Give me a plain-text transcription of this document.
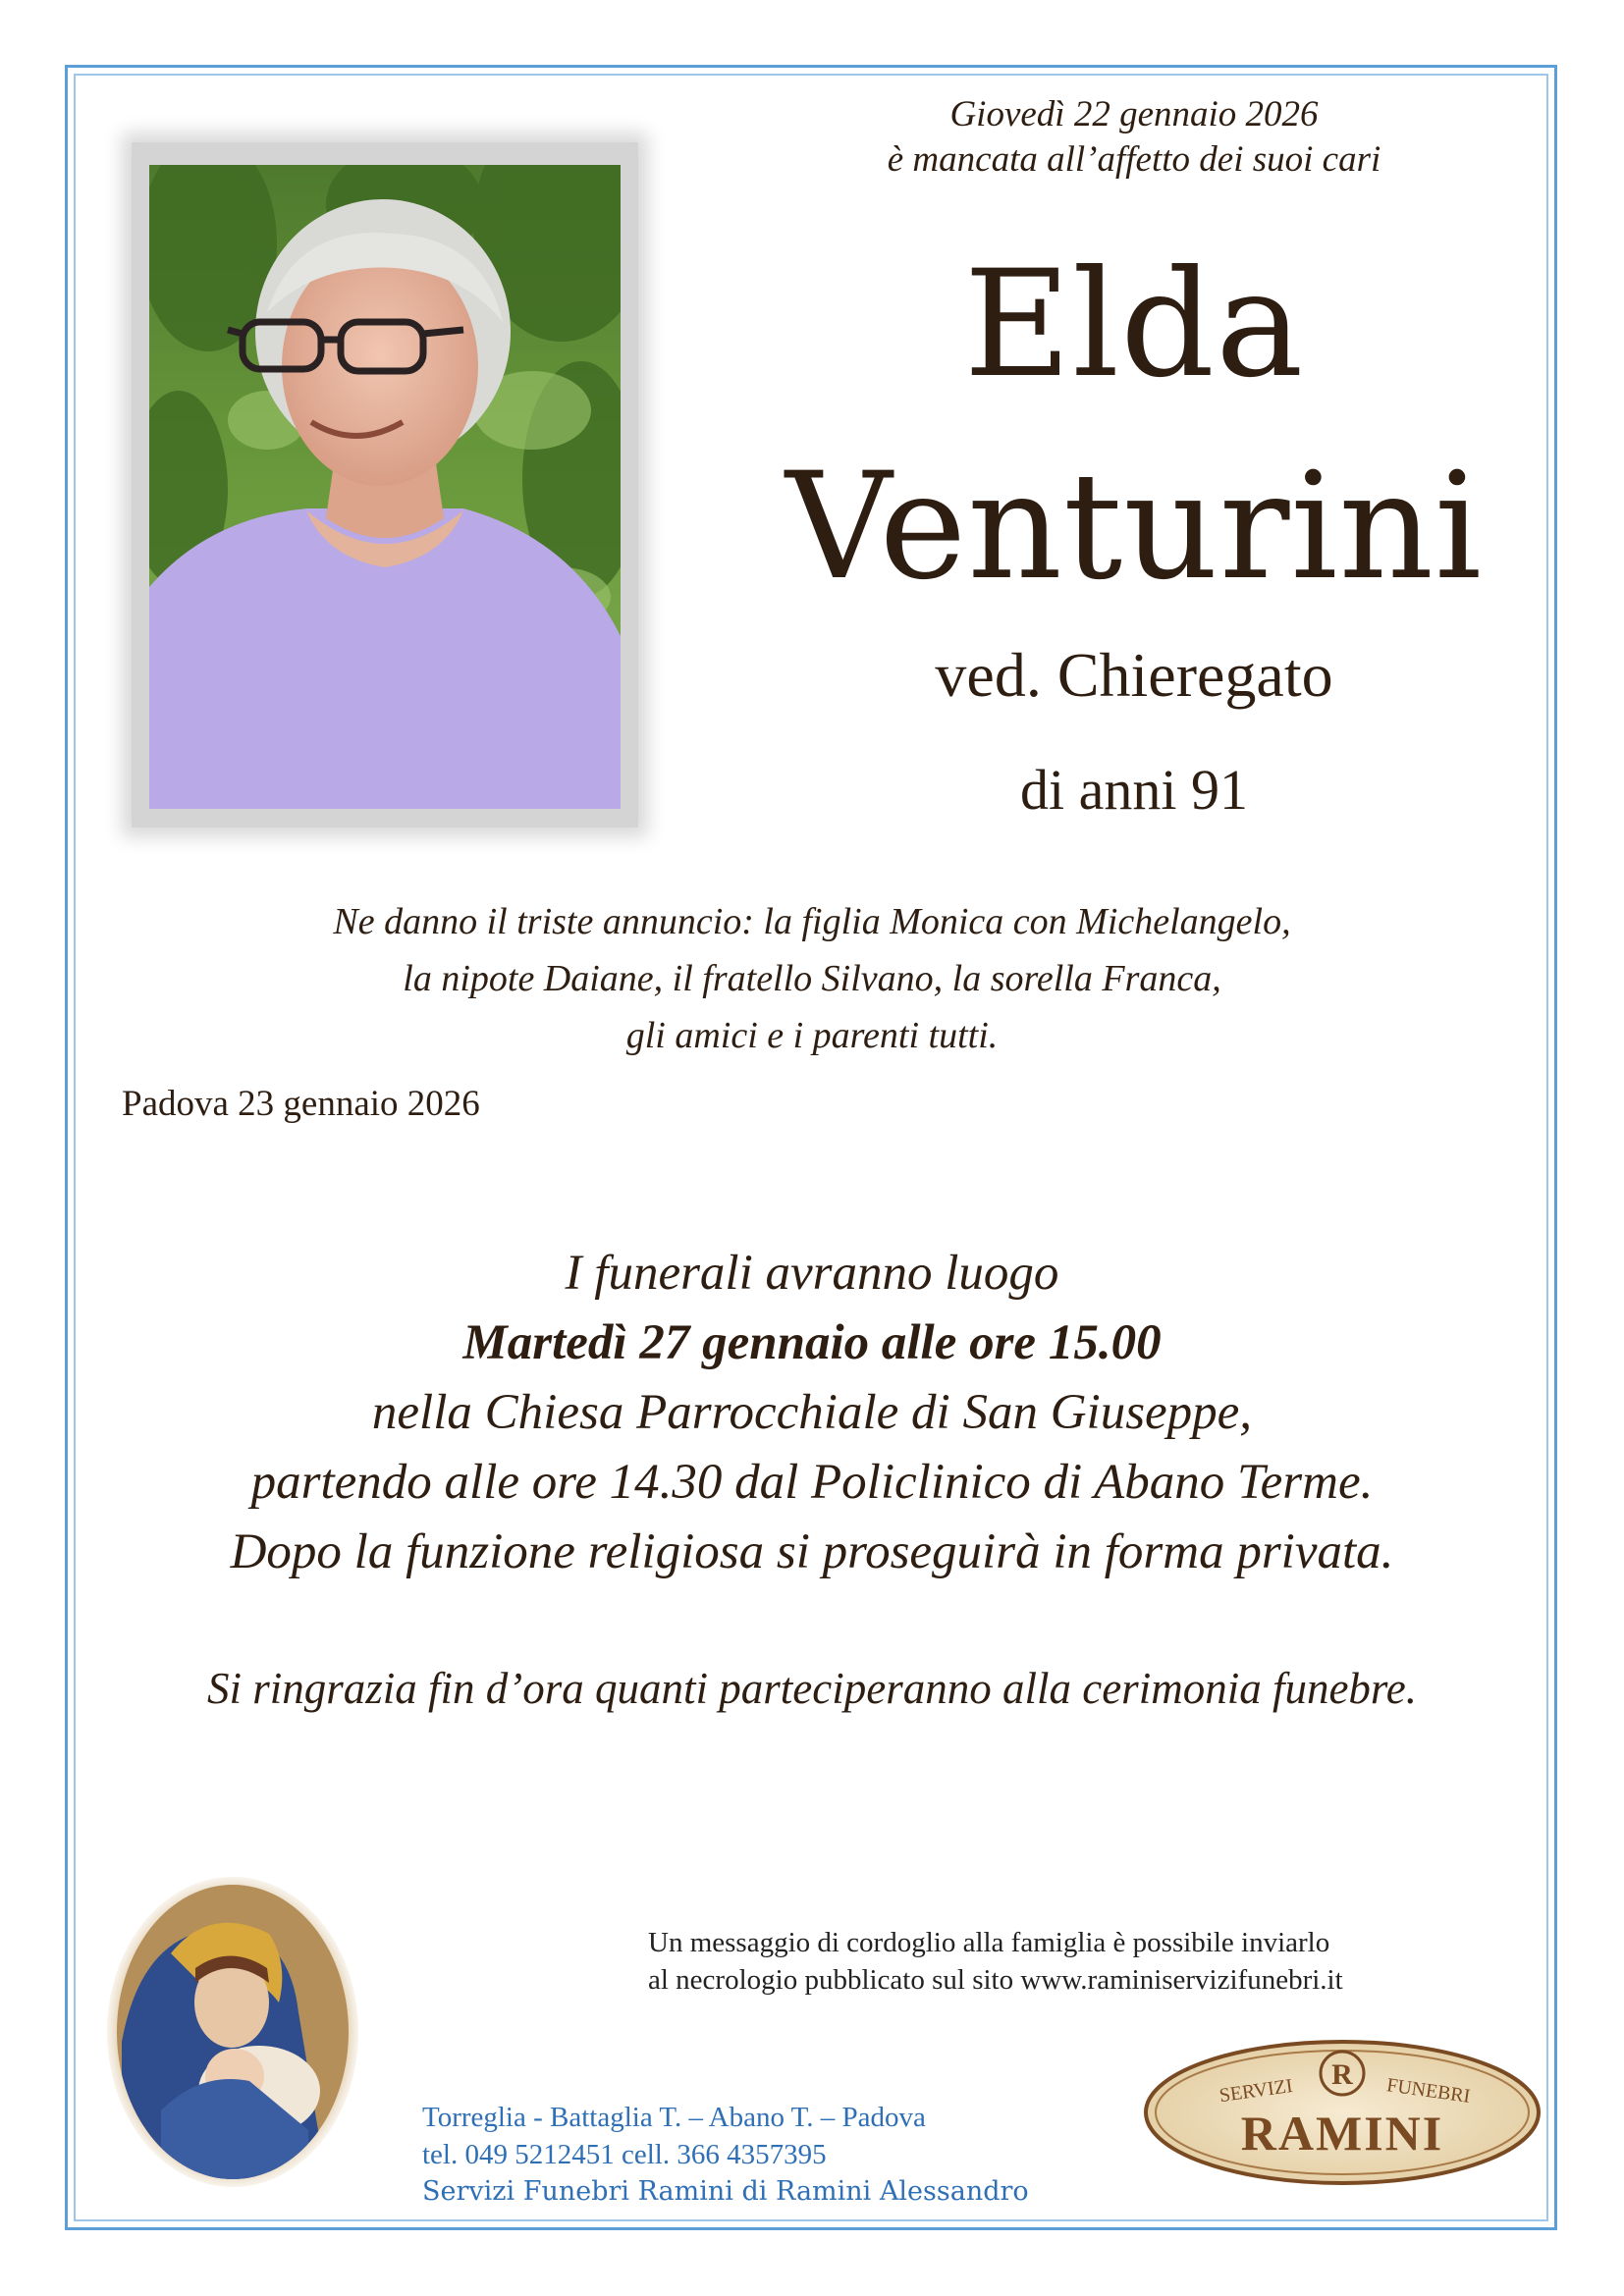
Giovedì 22 gennaio 2026
è mancata all’affetto dei suoi cari
Elda
Venturini
ved. Chieregato
di anni 91
Ne danno il triste annuncio: la figlia Monica con Michelangelo,
la nipote Daiane, il fratello Silvano, la sorella Franca,
gli amici e i parenti tutti.
Padova 23 gennaio 2026
I funerali avranno luogo
Martedì 27 gennaio alle ore 15.00
nella Chiesa Parrocchiale di San Giuseppe,
partendo alle ore 14.30 dal Policlinico di Abano Terme.
Dopo la funzione religiosa si proseguirà in forma privata.
Si ringrazia fin d’ora quanti parteciperanno alla cerimonia funebre.
Un messaggio di cordoglio alla famiglia è possibile inviarlo
al necrologio pubblicato sul sito www.raminiservizifunebri.it
Torreglia - Battaglia T. – Abano T. – Padova
tel. 049 5212451 cell. 366 4357395
Servizi Funebri Ramini di Ramini Alessandro
R
SERVIZI	FUNEBRI
RAMINI
